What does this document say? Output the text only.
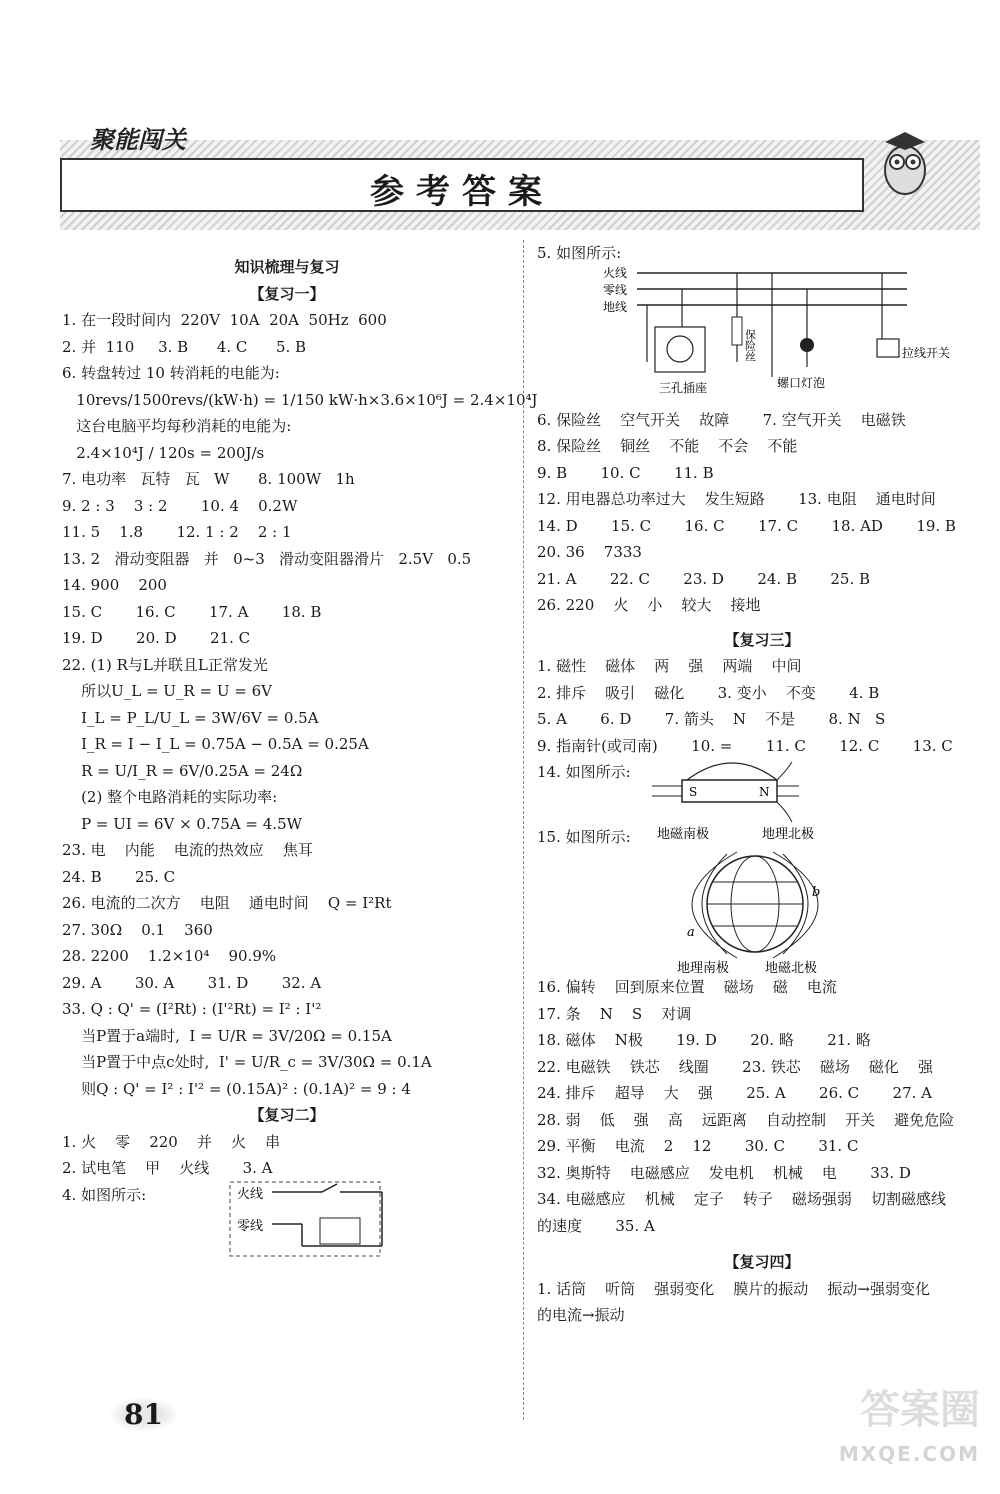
参考答案
聚能闯关
知识梳理与复习
【复习一】
1. 在一段时间内  220V  10A  20A  50Hz  600
2. 并  110     3. B      4. C      5. B
6. 转盘转过 10 转消耗的电能为:
10revs/1500revs/(kW·h) = 1/150 kW·h×3.6×10⁶J = 2.4×10⁴J
这台电脑平均每秒消耗的电能为:
2.4×10⁴J / 120s = 200J/s
7. 电功率   瓦特   瓦   W      8. 100W   1h
9. 2 : 3    3 : 2       10. 4    0.2W
11. 5    1.8       12. 1 : 2    2 : 1
13. 2   滑动变阻器   并   0~3   滑动变阻器滑片   2.5V   0.5
14. 900    200
15. C       16. C       17. A       18. B
19. D       20. D       21. C
22. (1) R与L并联且L正常发光
所以U_L = U_R = U = 6V
I_L = P_L/U_L = 3W/6V = 0.5A
I_R = I − I_L = 0.75A − 0.5A = 0.25A
R = U/I_R = 6V/0.25A = 24Ω
(2) 整个电路消耗的实际功率:
P = UI = 6V × 0.75A = 4.5W
23. 电    内能    电流的热效应    焦耳
24. B       25. C
26. 电流的二次方    电阻    通电时间    Q = I²Rt
27. 30Ω    0.1    360
28. 2200    1.2×10⁴    90.9%
29. A       30. A       31. D       32. A
33. Q : Q' = (I²Rt) : (I'²Rt) = I² : I'²
当P置于a端时,  I = U/R = 3V/20Ω = 0.15A
当P置于中点c处时,  I' = U/R_c = 3V/30Ω = 0.1A
则Q : Q' = I² : I'² = (0.15A)² : (0.1A)² = 9 : 4
【复习二】
1. 火    零    220    并    火    串
2. 试电笔    甲    火线       3. A
4. 如图所示:	火线
零线
5. 如图所示:
火线
零线
地线
保险丝
三孔插座	螺口灯泡
拉线开关
6. 保险丝    空气开关    故障       7. 空气开关    电磁铁
8. 保险丝    铜丝    不能    不会    不能
9. B       10. C       11. B
12. 用电器总功率过大    发生短路       13. 电阻    通电时间
14. D       15. C       16. C       17. C       18. AD       19. B
20. 36    7333
21. A       22. C       23. D       24. B       25. B
26. 220    火    小    较大    接地
【复习三】
1. 磁性    磁体    两    强    两端    中间
2. 排斥    吸引    磁化       3. 变小    不变       4. B
5. A       6. D       7. 箭头    N    不是       8. N   S
9. 指南针(或司南)       10. =       11. C       12. C       13. C
14. 如图所示:
S	N
15. 如图所示:	地磁南极	地理北极
a
b
地理南极	地磁北极
16. 偏转    回到原来位置    磁场    磁    电流
17. 条    N    S    对调
18. 磁体    N极       19. D       20. 略       21. 略
22. 电磁铁    铁芯    线圈       23. 铁芯    磁场    磁化    强
24. 排斥    超导    大    强       25. A       26. C       27. A
28. 弱    低    强    高    远距离    自动控制    开关    避免危险
29. 平衡    电流    2    12       30. C       31. C
32. 奥斯特    电磁感应    发电机    机械    电       33. D
34. 电磁感应    机械    定子    转子    磁场强弱    切割磁感线
的速度       35. A
【复习四】
1. 话筒    听筒    强弱变化    膜片的振动    振动→强弱变化
的电流→振动
81	答案圈
MXQE.COM
